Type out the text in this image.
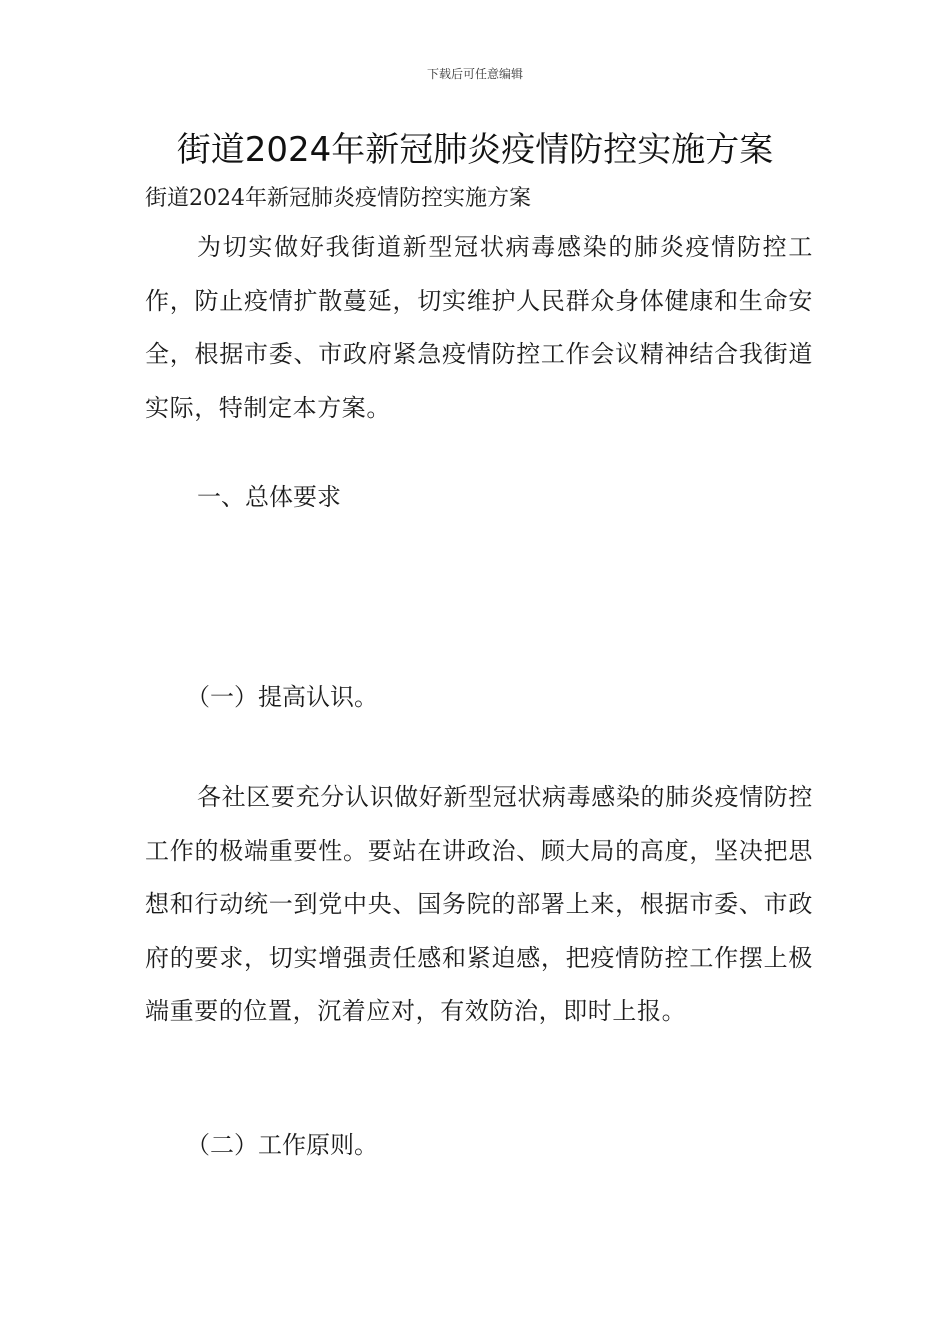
下载后可任意编辑
街道2024年新冠肺炎疫情防控实施方案
街道2024年新冠肺炎疫情防控实施方案
为切实做好我街道新型冠状病毒感染的肺炎疫情防控工作，防止疫情扩散蔓延，切实维护人民群众身体健康和生命安全，根据市委、市政府紧急疫情防控工作会议精神结合我街道实际，特制定本方案。
一、总体要求
（一）提高认识。
各社区要充分认识做好新型冠状病毒感染的肺炎疫情防控工作的极端重要性。要站在讲政治、顾大局的高度，坚决把思想和行动统一到党中央、国务院的部署上来，根据市委、市政府的要求，切实增强责任感和紧迫感，把疫情防控工作摆上极端重要的位置，沉着应对，有效防治，即时上报。
（二）工作原则。
